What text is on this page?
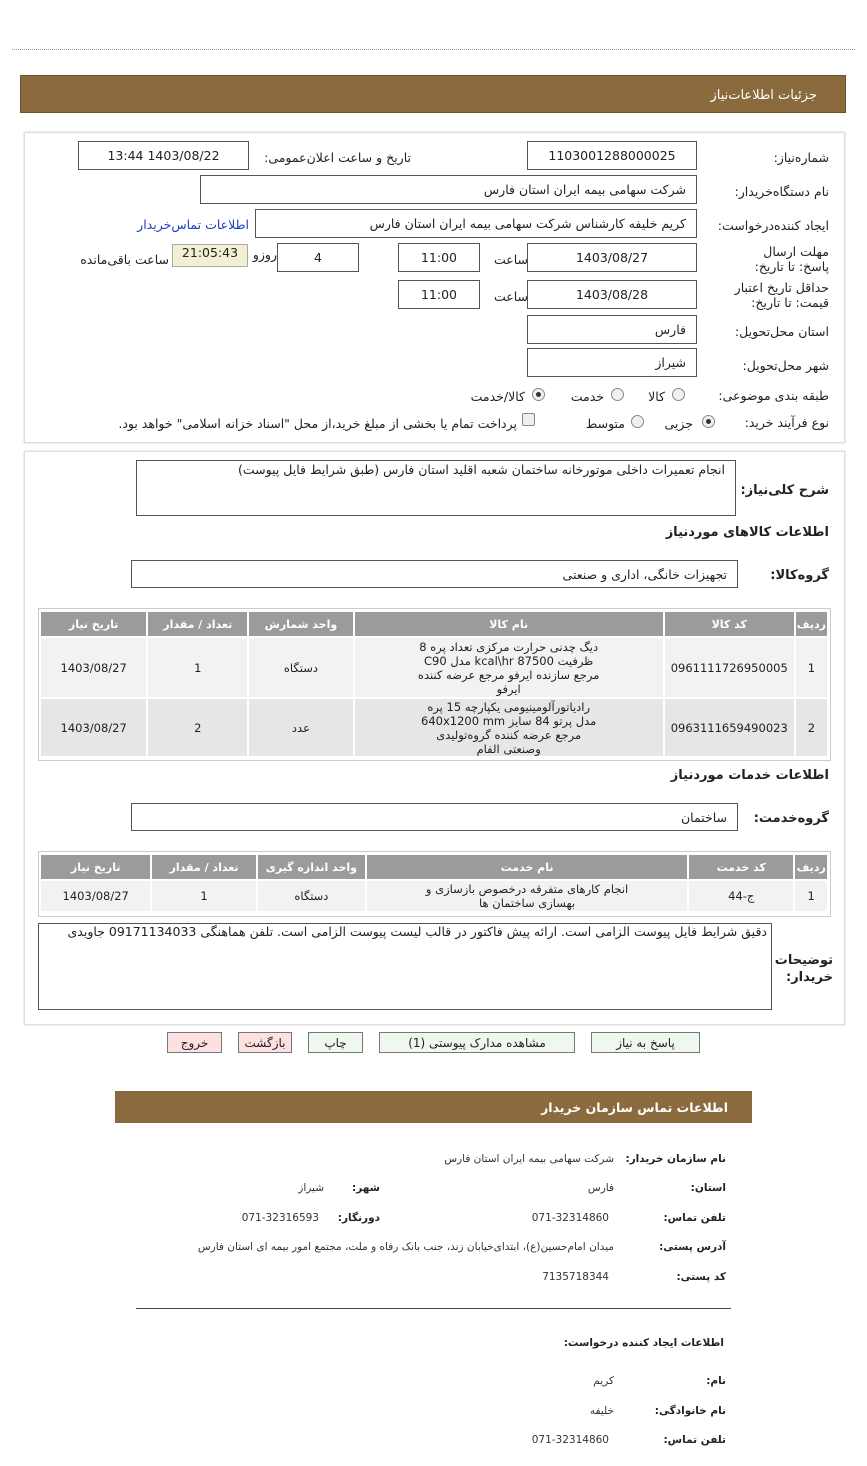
جزئیات اطلاعات‌نیاز
شماره‌نیاز:
1103001288000025
تاریخ و ساعت اعلان‌عمومی:
1403/08/22 13:44
نام دستگاه‌خریدار:
شرکت سهامی بیمه ایران استان فارس
ایجاد کننده‌درخواست:
کریم خلیفه کارشناس شرکت سهامی بیمه ایران استان فارس
اطلاعات تماس‌خریدار
مهلت ارسال پاسخ: تا تاریخ:
1403/08/27
ساعت
11:00
4
روزو
21:05:43
ساعت باقی‌مانده
حداقل تاریخ اعتبار قیمت: تا تاریخ:
1403/08/28
ساعت
11:00
استان محل‌تحویل:
فارس
شهر محل‌تحویل:
شیراز
طبقه بندی موضوعی:
کالا
خدمت
کالا/خدمت
نوع فرآیند خرید:
جزیی
متوسط
پرداخت تمام یا بخشی از مبلغ خرید،از محل "اسناد خزانه اسلامی" خواهد بود.
شرح کلی‌نیاز:
انجام تعمیرات داخلی موتورخانه ساختمان شعبه اقلید استان فارس (طبق شرایط فایل پیوست)
اطلاعات کالاهای موردنیاز
گروه‌کالا:
تجهیزات خانگی، اداری و صنعتی
ردیف	کد کالا	نام کالا	واحد شمارش	تعداد / مقدار	تاریخ نیاز
1	0961111726950005	دیگ چدنی حرارت مرکزی تعداد پره 8 ظرفیت 87500 kcal\hr مدل C90 مرجع سازنده ایرفو مرجع عرضه کننده ایرفو	دستگاه	1	1403/08/27
2	0963111659490023	رادیاتورآلومینیومی یکپارچه 15 پره مدل پرتو 84 سایز 640x1200 mm مرجع عرضه کننده گروه‌تولیدی وصنعتی الفام	عدد	2	1403/08/27
اطلاعات خدمات موردنیاز
گروه‌خدمت:
ساختمان
ردیف	کد خدمت	نام خدمت	واحد اندازه گیری	تعداد / مقدار	تاریخ نیاز
1	ج-44	انجام کارهای متفرقه درخصوص بازسازی و بهسازی ساختمان ها	دستگاه	1	1403/08/27
توضیحات خریدار:
دقیق شرایط فایل پیوست الزامی است. ارائه پیش فاکتور در قالب لیست پیوست الزامی است. تلفن هماهنگی 09171134033 جاویدی
پاسخ به نیاز
مشاهده مدارک پیوستی (1)
چاپ
بازگشت
خروج
اطلاعات تماس سازمان خریدار
نام سازمان خریدار:
شرکت سهامی بیمه ایران استان فارس
استان:
فارس
شهر:
شیراز
تلفن تماس:
071-32314860
دورنگار:
071-32316593
آدرس پستی:
میدان امام‌حسین(ع)، ابتدای‌خیابان زند، جنب بانک رفاه و ملت، مجتمع امور بیمه ای استان فارس
کد پستی:
7135718344
اطلاعات ایجاد کننده درخواست:
نام:
کریم
نام خانوادگی:
خلیفه
تلفن تماس:
071-32314860
